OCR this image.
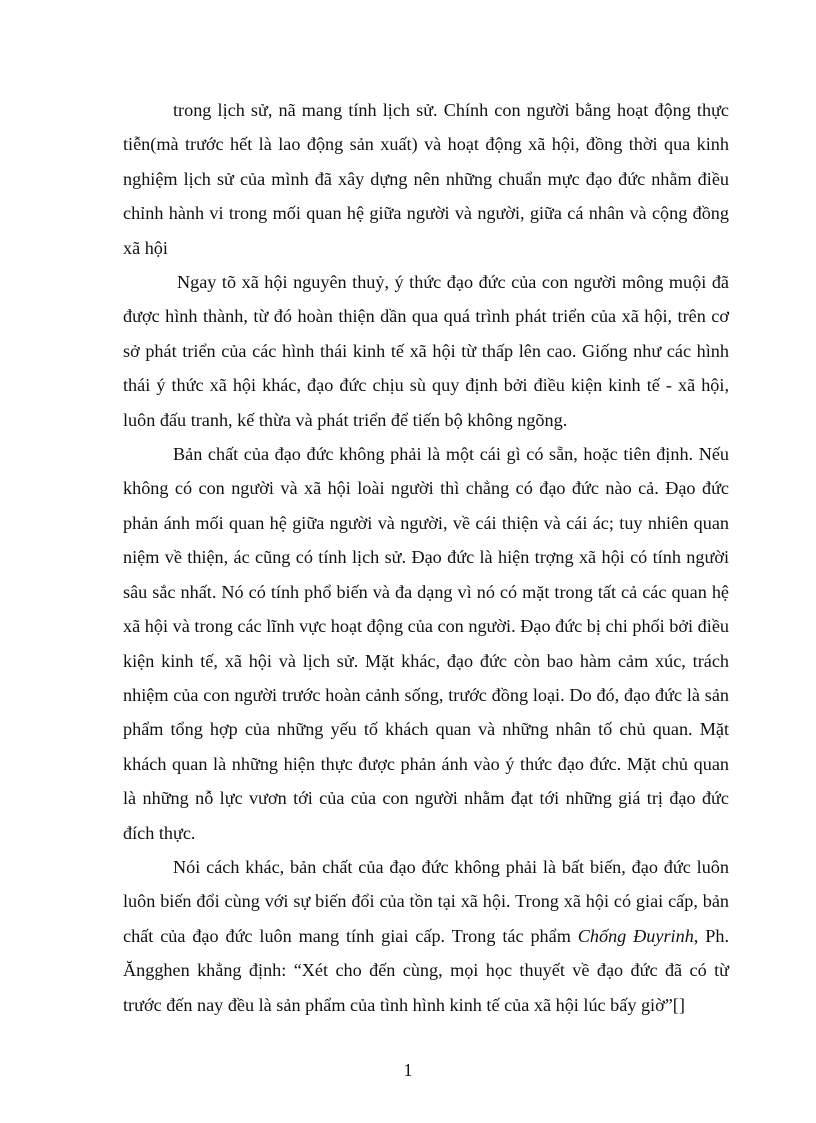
trong lịch sử, nã mang tính lịch sử. Chính con người bằng hoạt động thực tiễn(mà trước hết là lao động sản xuất) và hoạt động xã hội, đồng thời qua kinh nghiệm lịch sử của mình đã xây dựng nên những chuẩn mực đạo đức nhằm điều chỉnh hành vi trong mối quan hệ giữa người và người, giữa cá nhân và cộng đồng xã hội

Ngay tõ xã hội nguyên thuỷ, ý thức đạo đức của con người mông muội đã được hình thành, từ đó hoàn thiện dần qua quá trình phát triển của xã hội, trên cơ sở phát triển của các hình thái kinh tế xã hội từ thấp lên cao. Giống như các hình thái ý thức xã hội khác, đạo đức chịu sù quy định bởi điều kiện kinh tế - xã hội, luôn đấu tranh, kế thừa và phát triển để tiến bộ không ngõng.

Bản chất của đạo đức không phải là một cái gì có sẵn, hoặc tiên định. Nếu không có con người và xã hội loài người thì chẳng có đạo đức nào cả. Đạo đức phản ánh mối quan hệ giữa người và người, về cái thiện và cái ác; tuy nhiên quan niệm về thiện, ác cũng có tính lịch sử. Đạo đức là hiện trợng xã hội có tính người sâu sắc nhất. Nó có tính phổ biến và đa dạng vì nó có mặt trong tất cả các quan hệ xã hội và trong các lĩnh vực hoạt động của con người. Đạo đức bị chi phối bởi điều kiện kinh tế, xã hội và lịch sử. Mặt khác, đạo đức còn bao hàm cảm xúc, trách nhiệm của con người trước hoàn cảnh sống, trước đồng loại. Do đó, đạo đức là sản phẩm tổng hợp của những yếu tố khách quan và những nhân tố chủ quan. Mặt khách quan là những hiện thực được phản ánh vào ý thức đạo đức. Mặt chủ quan là những nỗ lực vươn tới của của con người nhằm đạt tới những giá trị đạo đức đích thực.

Nói cách khác, bản chất của đạo đức không phải là bất biến, đạo đức luôn luôn biến đổi cùng với sự biến đổi của tồn tại xã hội. Trong xã hội có giai cấp, bản chất của đạo đức luôn mang tính giai cấp. Trong tác phẩm Chống Đuyrinh, Ph. Ăngghen khẳng định: “Xét cho đến cùng, mọi học thuyết về đạo đức đã có từ trước đến nay đều là sản phẩm của tình hình kinh tế của xã hội lúc bấy giờ”[]

1
